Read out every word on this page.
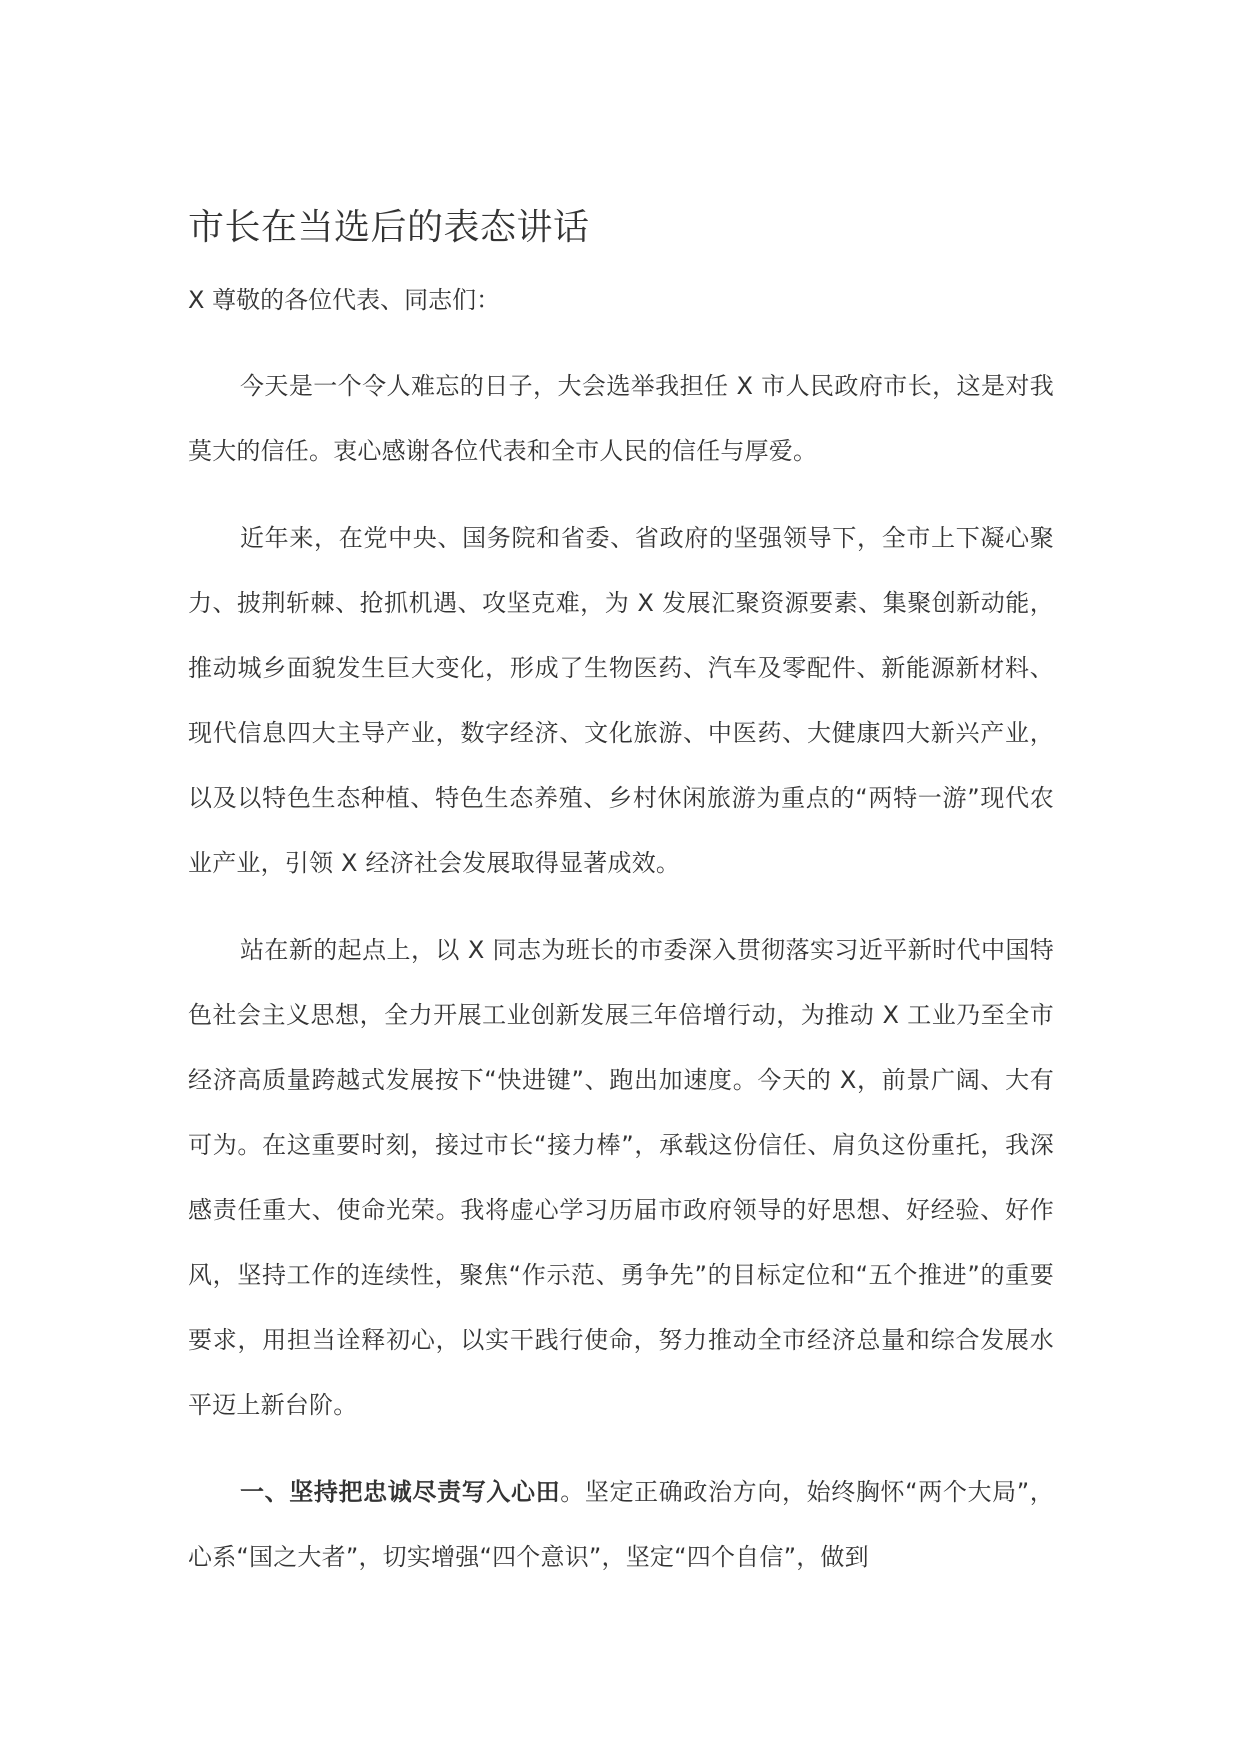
市长在当选后的表态讲话

X 尊敬的各位代表、同志们：

今天是一个令人难忘的日子，大会选举我担任 X 市人民政府市长，这是对我莫大的信任。衷心感谢各位代表和全市人民的信任与厚爱。

近年来，在党中央、国务院和省委、省政府的坚强领导下，全市上下凝心聚力、披荆斩棘、抢抓机遇、攻坚克难，为 X 发展汇聚资源要素、集聚创新动能，推动城乡面貌发生巨大变化，形成了生物医药、汽车及零配件、新能源新材料、现代信息四大主导产业，数字经济、文化旅游、中医药、大健康四大新兴产业，以及以特色生态种植、特色生态养殖、乡村休闲旅游为重点的“两特一游”现代农业产业，引领 X 经济社会发展取得显著成效。

站在新的起点上，以 X 同志为班长的市委深入贯彻落实习近平新时代中国特色社会主义思想，全力开展工业创新发展三年倍增行动，为推动 X 工业乃至全市经济高质量跨越式发展按下“快进键”、跑出加速度。今天的 X，前景广阔、大有可为。在这重要时刻，接过市长“接力棒”，承载这份信任、肩负这份重托，我深感责任重大、使命光荣。我将虚心学习历届市政府领导的好思想、好经验、好作风，坚持工作的连续性，聚焦“作示范、勇争先”的目标定位和“五个推进”的重要要求，用担当诠释初心，以实干践行使命，努力推动全市经济总量和综合发展水平迈上新台阶。

一、坚持把忠诚尽责写入心田。坚定正确政治方向，始终胸怀“两个大局”，心系“国之大者”，切实增强“四个意识”，坚定“四个自信”，做到
